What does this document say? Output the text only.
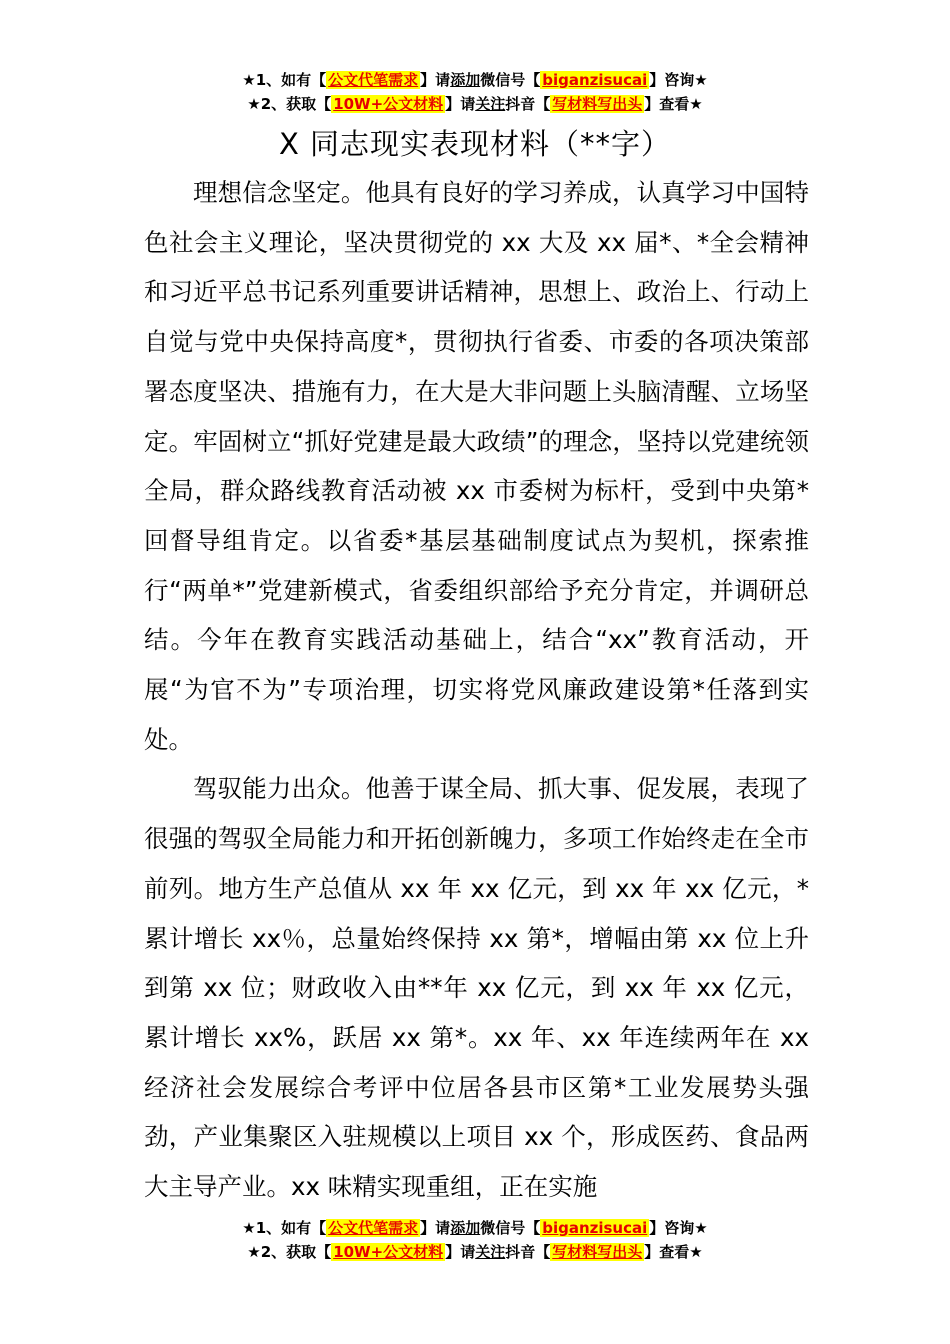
★1、如有【 公文代笔需求 】请添加微信号【 biganzisucai 】咨询★
★2、获取【 10W+公文材料 】请关注抖音【 写材料写出头 】查看★
X 同志现实表现材料（**字）

理想信念坚定。他具有良好的学习养成，认真学习中国特色社会主义理论，坚决贯彻党的 xx 大及 xx 届*、*全会精神和习近平总书记系列重要讲话精神，思想上、政治上、行动上自觉与党中央保持高度*，贯彻执行省委、市委的各项决策部署态度坚决、措施有力，在大是大非问题上头脑清醒、立场坚定。牢固树立“抓好党建是最大政绩”的理念，坚持以党建统领全局，群众路线教育活动被 xx 市委树为标杆，受到中央第*回督导组肯定。以省委*基层基础制度试点为契机，探索推行“两单*”党建新模式，省委组织部给予充分肯定，并调研总结。今年在教育实践活动基础上，结合“xx”教育活动，开展“为官不为”专项治理，切实将党风廉政建设第*任落到实处。

驾驭能力出众。他善于谋全局、抓大事、促发展，表现了很强的驾驭全局能力和开拓创新魄力，多项工作始终走在全市前列。地方生产总值从 xx 年 xx 亿元，到 xx 年 xx 亿元，*累计增长 xx％，总量始终保持 xx 第*，增幅由第 xx 位上升到第 xx 位；财政收入由**年 xx 亿元，到 xx 年 xx 亿元，累计增长 xx%，跃居 xx 第*。xx 年、xx 年连续两年在 xx 经济社会发展综合考评中位居各县市区第*工业发展势头强劲，产业集聚区入驻规模以上项目 xx 个，形成医药、食品两大主导产业。xx 味精实现重组，正在实施

★1、如有【 公文代笔需求 】请添加微信号【 biganzisucai 】咨询★
★2、获取【 10W+公文材料 】请关注抖音【 写材料写出头 】查看★
